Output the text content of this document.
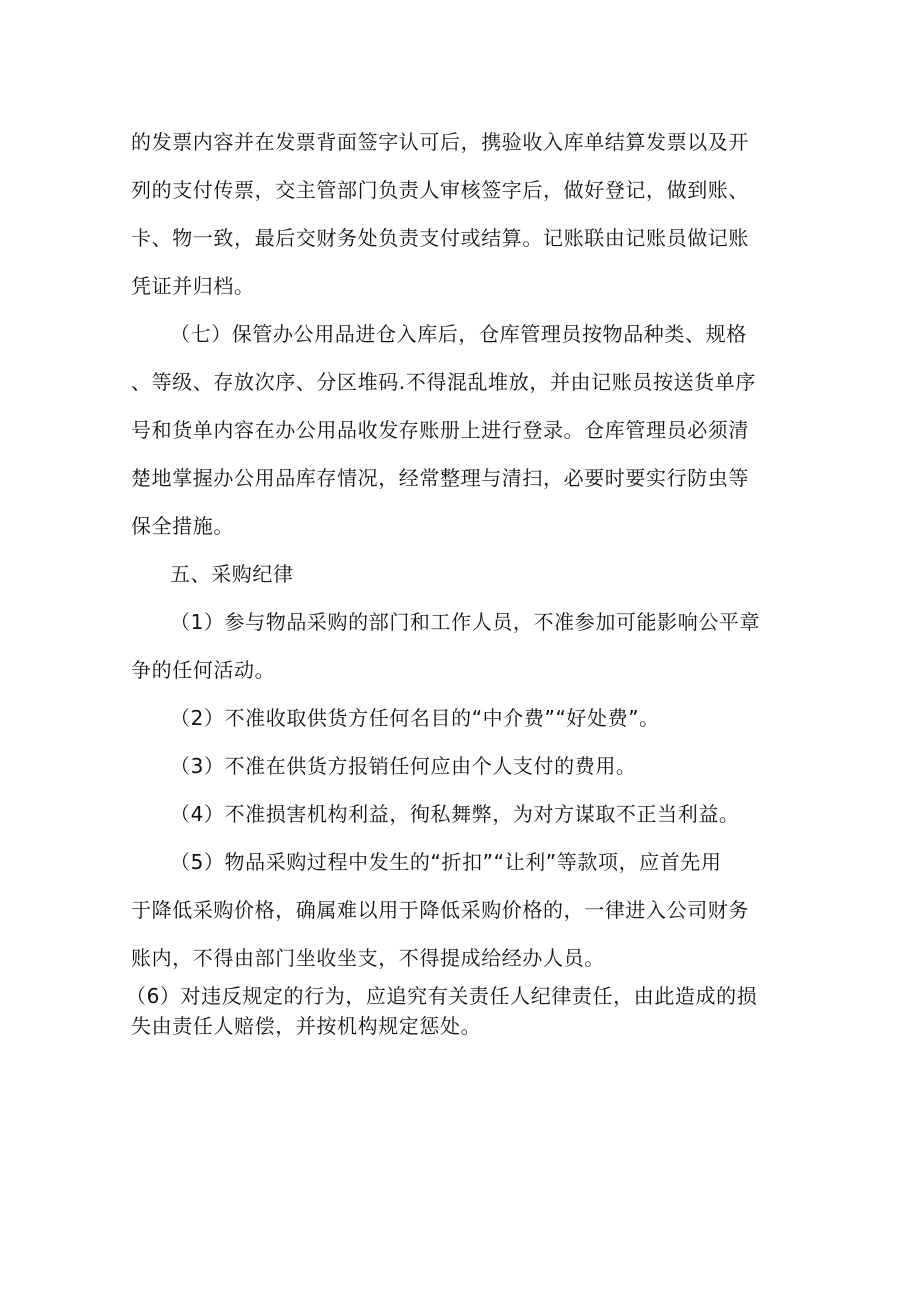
的发票内容并在发票背面签字认可后，携验收入库单结算发票以及开
列的支付传票，交主管部门负责人审核签字后，做好登记，做到账、
卡、物一致，最后交财务处负责支付或结算。记账联由记账员做记账
凭证并归档。
（七）保管办公用品进仓入库后，仓库管理员按物品种类、规格
、等级、存放次序、分区堆码.不得混乱堆放，并由记账员按送货单序
号和货单内容在办公用品收发存账册上进行登录。仓库管理员必须清
楚地掌握办公用品库存情况，经常整理与清扫，必要时要实行防虫等
保全措施。
五、采购纪律
（1）参与物品采购的部门和工作人员，不准参加可能影响公平章
争的任何活动。
（2）不准收取供货方任何名目的“中介费”“好处费”。
（3）不准在供货方报销任何应由个人支付的费用。
（4）不准损害机构利益，徇私舞弊，为对方谋取不正当利益。
（5）物品采购过程中发生的“折扣”“让利”等款项，应首先用
于降低采购价格，确属难以用于降低采购价格的，一律进入公司财务
账内，不得由部门坐收坐支，不得提成给经办人员。
（6）对违反规定的行为，应追究有关责任人纪律责任，由此造成的损
失由责任人赔偿，并按机构规定惩处。
